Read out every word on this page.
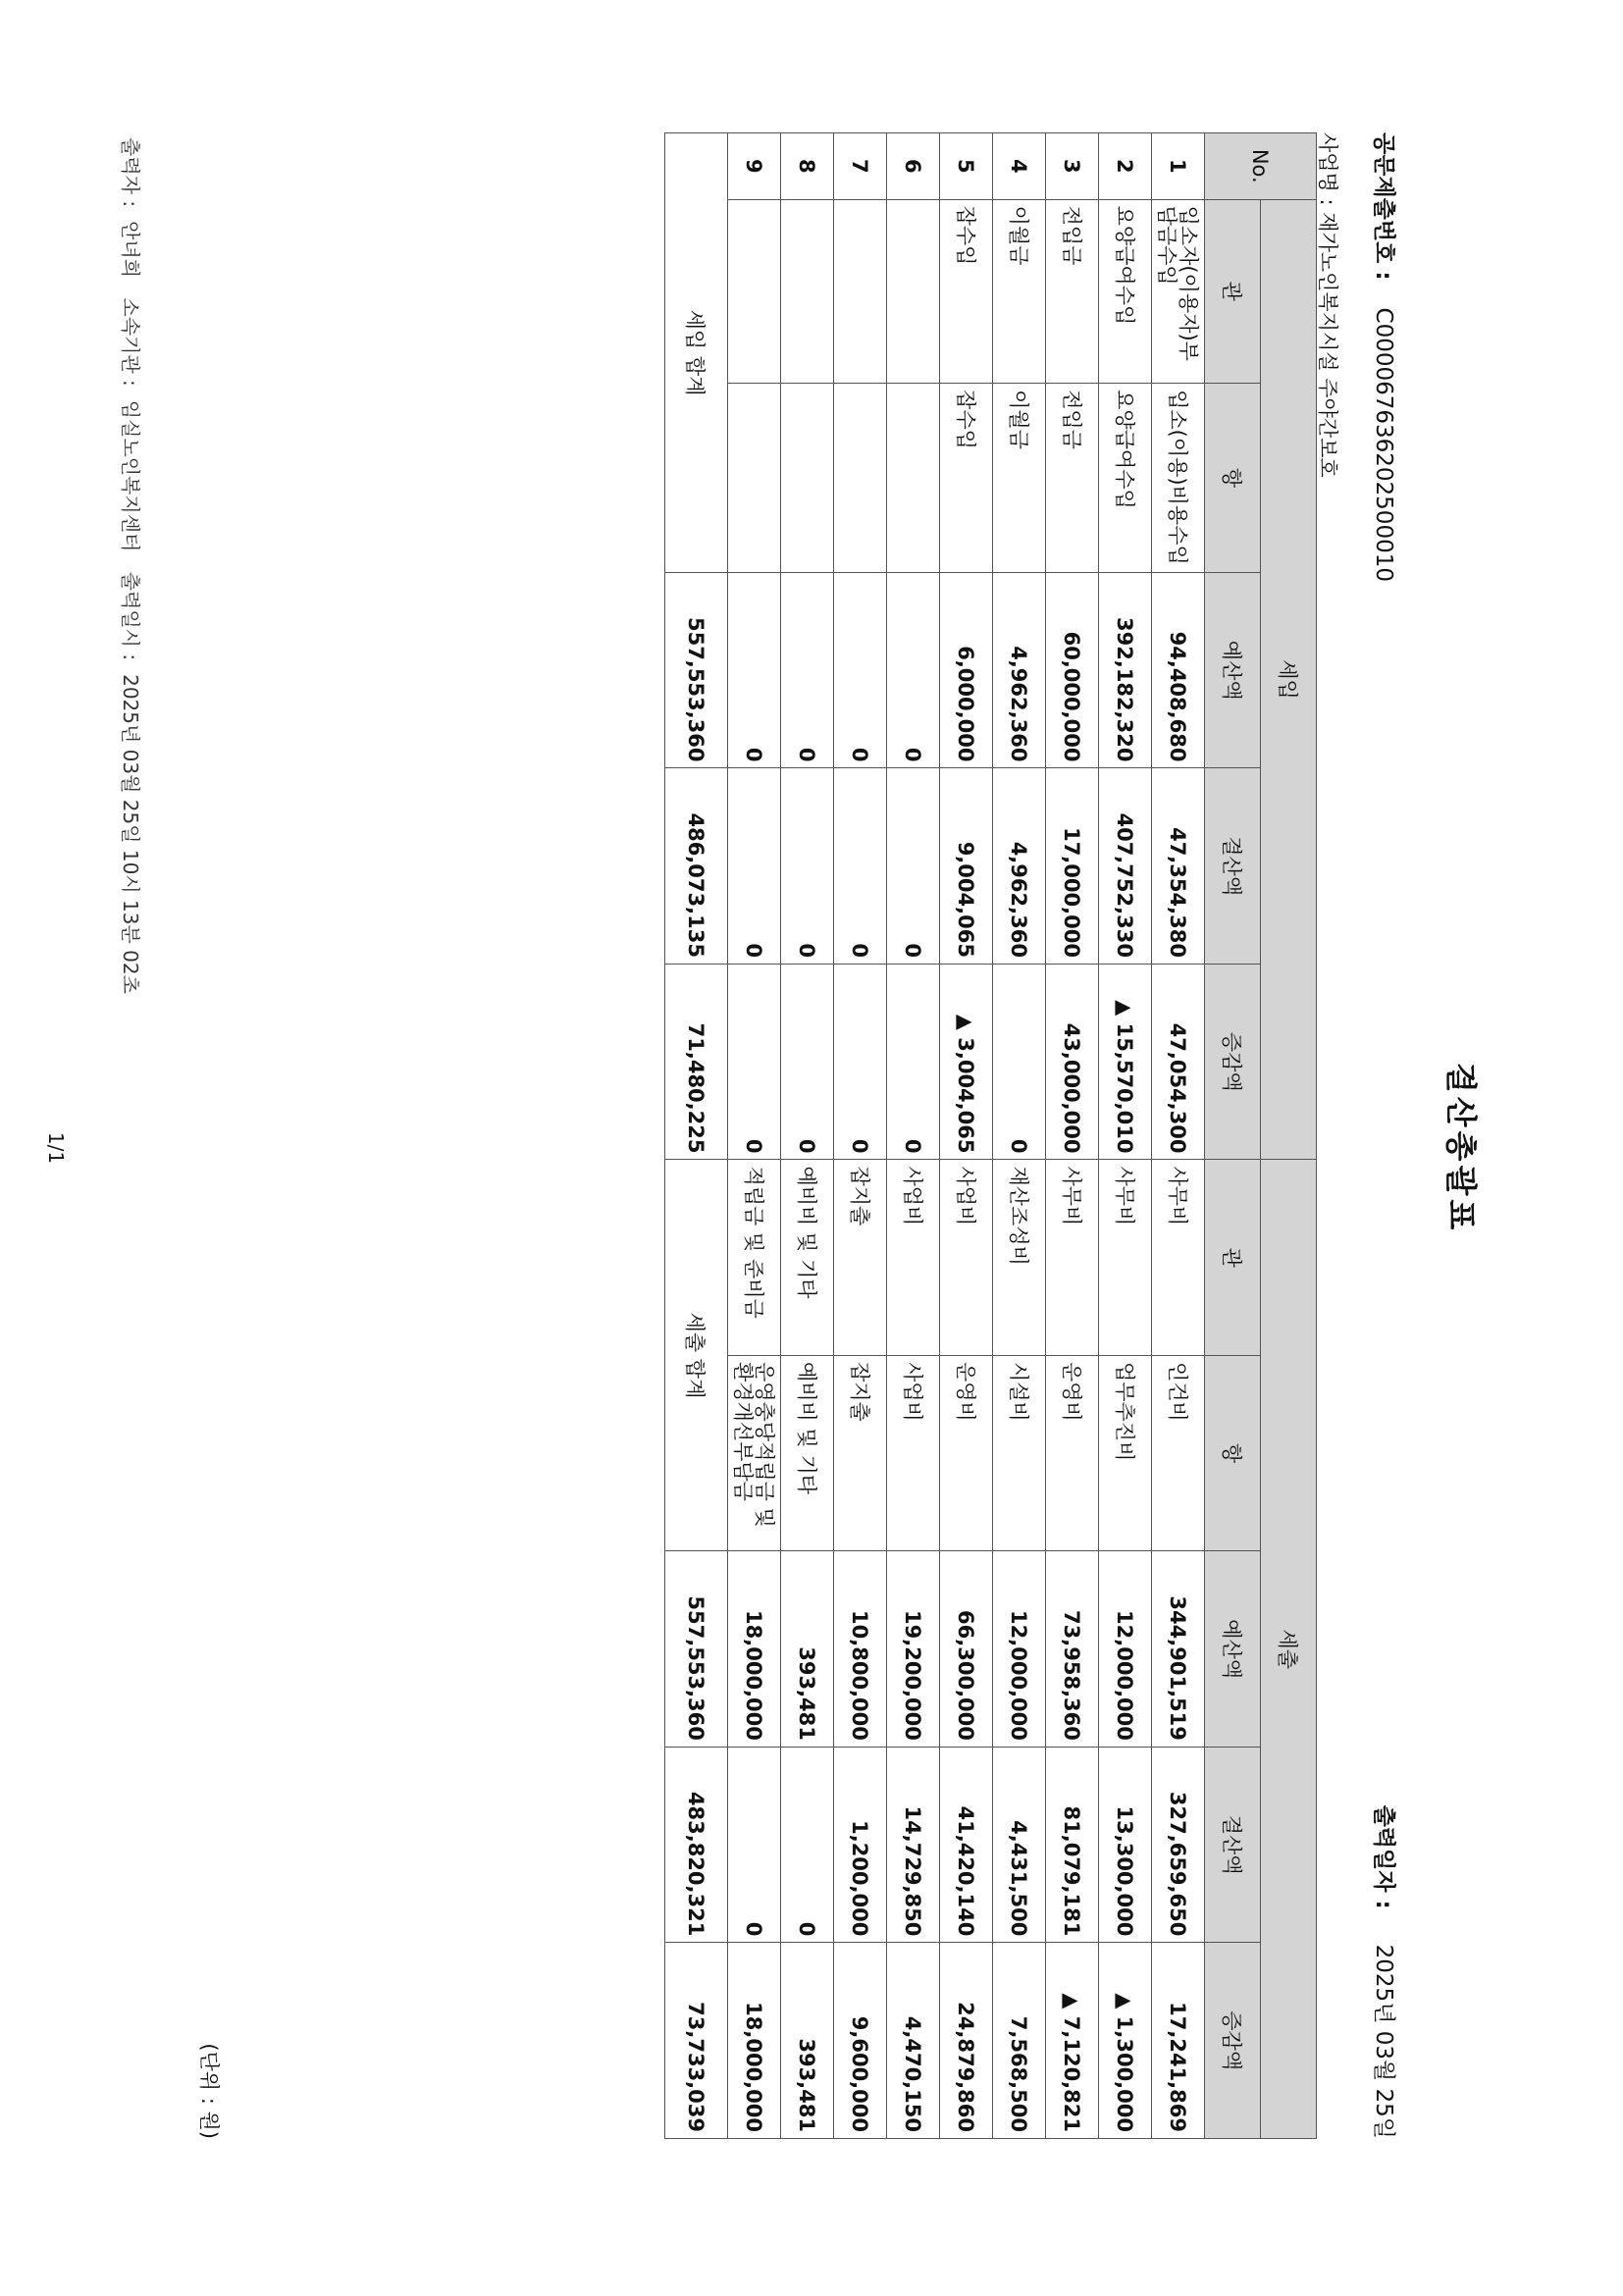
결산총괄표
공문제출번호 :C000067636202500010
출력일자 :2025년 03월 25일
사업명 : 재가노인복지시설 주야간보호
No.	세입					세출				
	관	항	예산액	결산액	증감액	관	항	예산액	결산액	증감액
1	입소자(이용자)부담금수입	입소(이용)비용수입	94,408,680	47,354,380	47,054,300	사무비	인건비	344,901,519	327,659,650	17,241,869
2	요양급여수입	요양급여수입	392,182,320	407,752,330	▲ 15,570,010	사무비	업무추진비	12,000,000	13,300,000	▲ 1,300,000
3	전입금	전입금	60,000,000	17,000,000	43,000,000	사무비	운영비	73,958,360	81,079,181	▲ 7,120,821
4	이월금	이월금	4,962,360	4,962,360	0	재산조성비	시설비	12,000,000	4,431,500	7,568,500
5	잡수입	잡수입	6,000,000	9,004,065	▲ 3,004,065	사업비	운영비	66,300,000	41,420,140	24,879,860
6			0	0	0	사업비	사업비	19,200,000	14,729,850	4,470,150
7			0	0	0	잡지출	잡지출	10,800,000	1,200,000	9,600,000
8			0	0	0	예비비 및 기타	예비비 및 기타	393,481	0	393,481
9			0	0	0	적립금 및 준비금	운영충당적립금 및 환경개선부담금	18,000,000	0	18,000,000
세입 합계			557,553,360	486,073,135	71,480,225	세출 합계		557,553,360	483,820,321	73,733,039
(단위 : 원)
출력자 :안녀희 소속기관 :임실노인복지센터 출력일시 :2025년 03월 25일 10시 13분 02초
1/1
